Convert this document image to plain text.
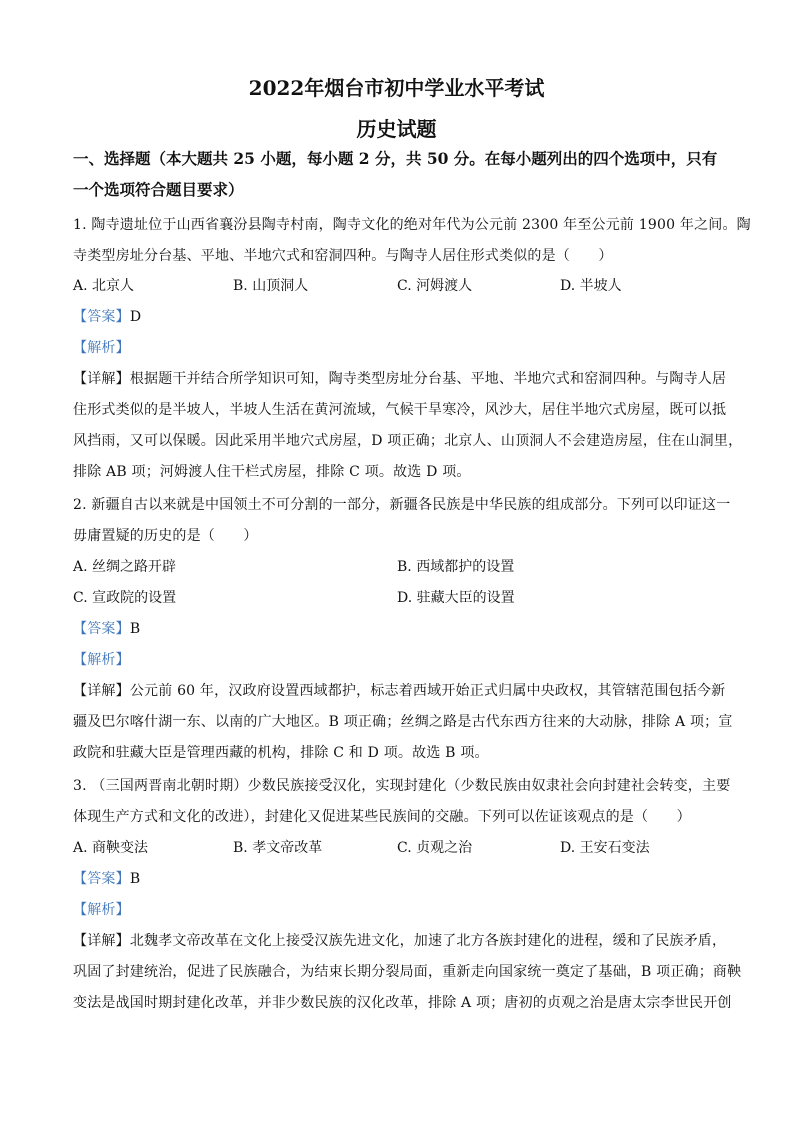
2022年烟台市初中学业水平考试
历史试题
一、选择题（本大题共 25 小题，每小题 2 分，共 50 分。在每小题列出的四个选项中，只有
一个选项符合题目要求）
1. 陶寺遗址位于山西省襄汾县陶寺村南，陶寺文化的绝对年代为公元前 2300 年至公元前 1900 年之间。陶
寺类型房址分台基、平地、半地穴式和窑洞四种。与陶寺人居住形式类似的是（　　）
A. 北京人	B. 山顶洞人	C. 河姆渡人	D. 半坡人
【答案】D
【解析】
【详解】根据题干并结合所学知识可知，陶寺类型房址分台基、平地、半地穴式和窑洞四种。与陶寺人居
住形式类似的是半坡人，半坡人生活在黄河流域，气候干旱寒冷，风沙大，居住半地穴式房屋，既可以抵
风挡雨，又可以保暖。因此采用半地穴式房屋，D 项正确；北京人、山顶洞人不会建造房屋，住在山洞里，
排除 AB 项；河姆渡人住干栏式房屋，排除 C 项。故选 D 项。
2. 新疆自古以来就是中国领土不可分割的一部分，新疆各民族是中华民族的组成部分。下列可以印证这一
毋庸置疑的历史的是（　　）
A. 丝绸之路开辟	B. 西域都护的设置
C. 宣政院的设置	D. 驻藏大臣的设置
【答案】B
【解析】
【详解】公元前 60 年，汉政府设置西域都护，标志着西域开始正式归属中央政权，其管辖范围包括今新
疆及巴尔喀什湖一东、以南的广大地区。B 项正确；丝绸之路是古代东西方往来的大动脉，排除 A 项；宣
政院和驻藏大臣是管理西藏的机构，排除 C 和 D 项。故选 B 项。
3. （三国两晋南北朝时期）少数民族接受汉化，实现封建化（少数民族由奴隶社会向封建社会转变，主要
体现生产方式和文化的改进），封建化又促进某些民族间的交融。下列可以佐证该观点的是（　　）
A. 商鞅变法	B. 孝文帝改革	C. 贞观之治	D. 王安石变法
【答案】B
【解析】
【详解】北魏孝文帝改革在文化上接受汉族先进文化，加速了北方各族封建化的进程，缓和了民族矛盾，
巩固了封建统治，促进了民族融合，为结束长期分裂局面，重新走向国家统一奠定了基础，B 项正确；商鞅
变法是战国时期封建化改革，并非少数民族的汉化改革，排除 A 项；唐初的贞观之治是唐太宗李世民开创
